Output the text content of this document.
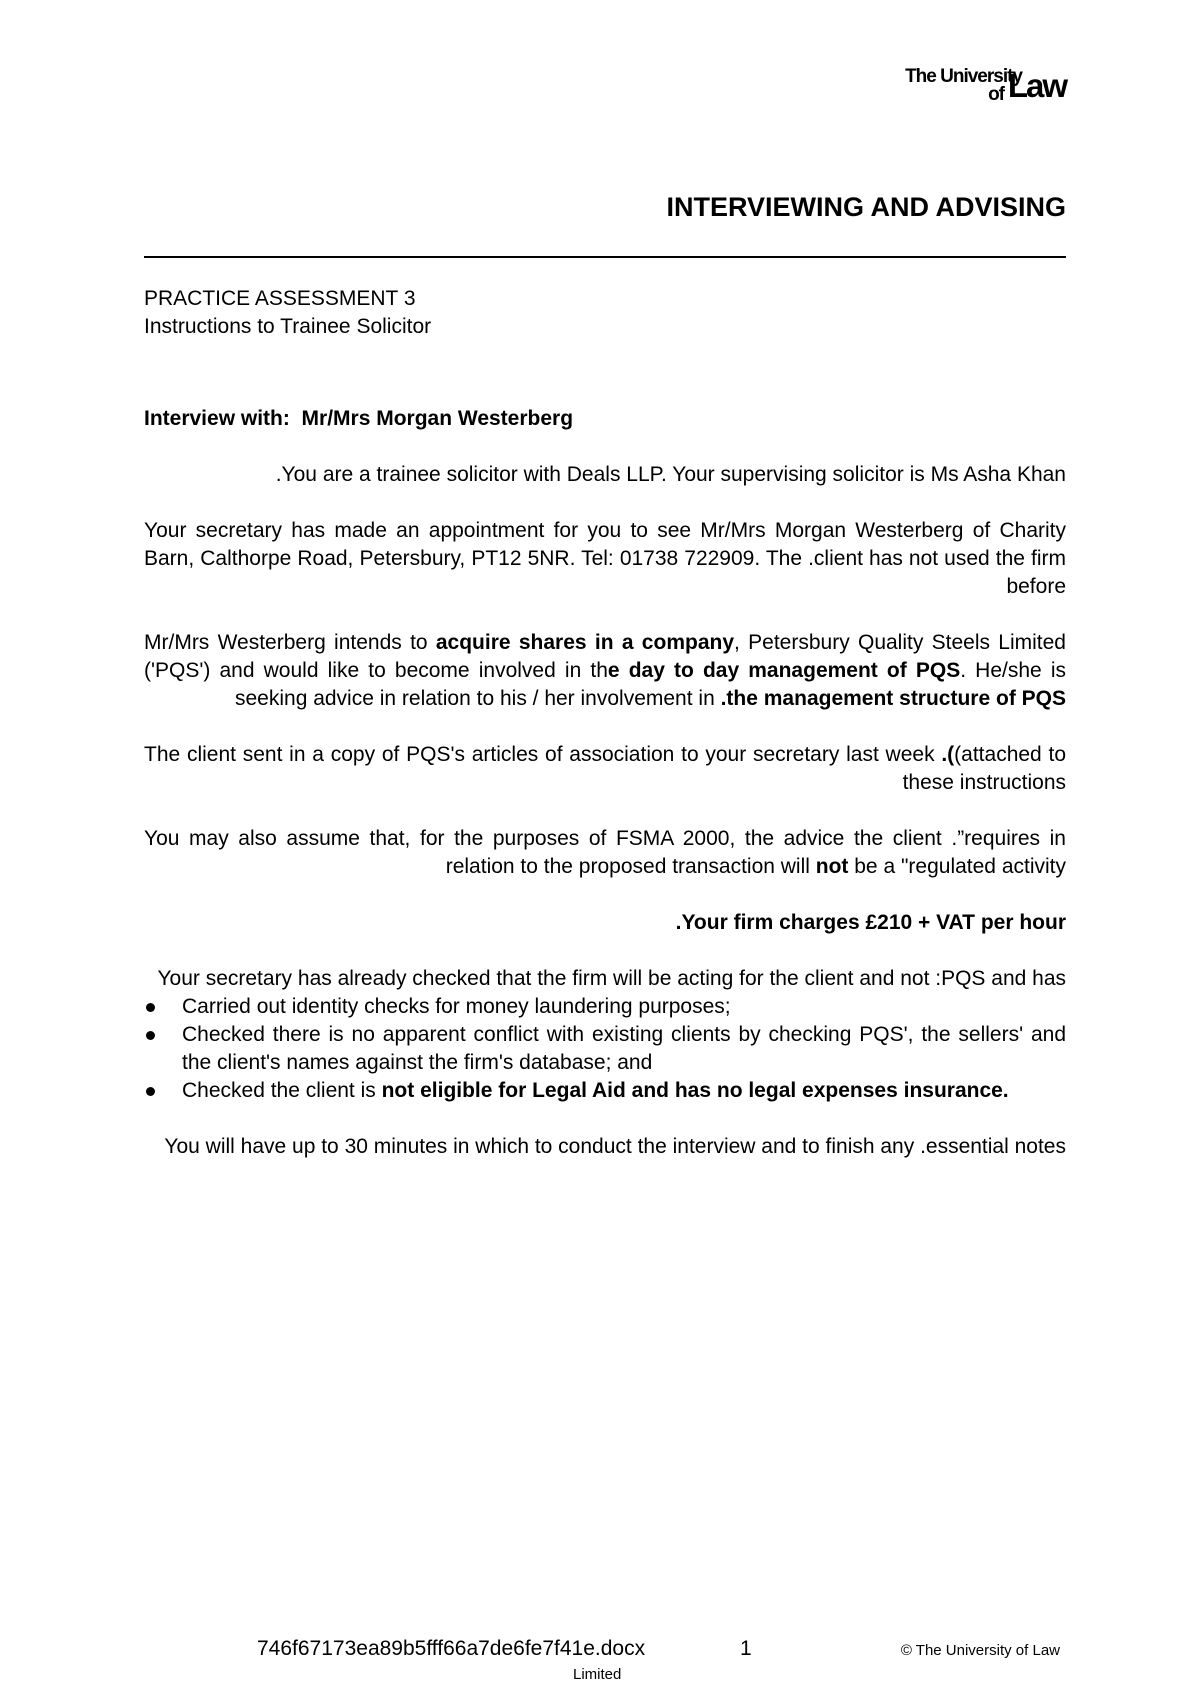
The University
of Law
INTERVIEWING AND ADVISING

PRACTICE ASSESSMENT 3

Instructions to Trainee Solicitor

Interview with: Mr/Mrs Morgan Westerberg

.You are a trainee solicitor with Deals LLP. Your supervising solicitor is Ms Asha Khan

Your secretary has made an appointment for you to see Mr/Mrs Morgan Westerberg of Charity Barn, Calthorpe Road, Petersbury, PT12 5NR. Tel: 01738 722909. The .client has not used the firm before

Mr/Mrs Westerberg intends to acquire shares in a company, Petersbury Quality Steels Limited ('PQS') and would like to become involved in the day to day management of PQS. He/she is seeking advice in relation to his / her involvement in .the management structure of PQS

The client sent in a copy of PQS's articles of association to your secretary last week .((attached to these instructions

You may also assume that, for the purposes of FSMA 2000, the advice the client .”requires in relation to the proposed transaction will not be a "regulated activity

.Your firm charges £210 + VAT per hour

Your secretary has already checked that the firm will be acting for the client and not :PQS and has

Carried out identity checks for money laundering purposes;
Checked there is no apparent conflict with existing clients by checking PQS', the sellers' and the client's names against the firm's database; and
Checked the client is not eligible for Legal Aid and has no legal expenses insurance.

You will have up to 30 minutes in which to conduct the interview and to finish any .essential notes

746f67173ea89b5fff66a7de6fe7f41e.docx	1	© The University of Law
Limited
